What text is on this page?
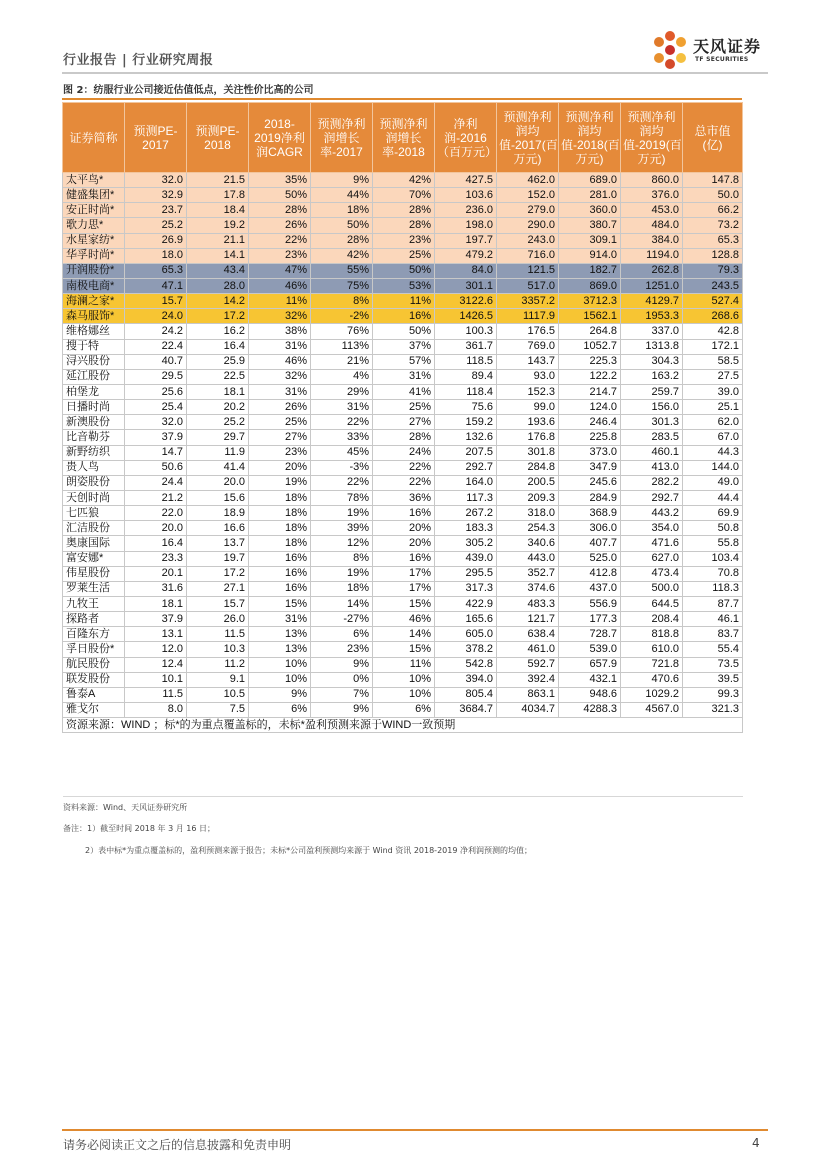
行业报告 | 行业研究周报
天风证券
TF SECURITIES
图 2：纺服行业公司接近估值低点，关注性价比高的公司
证券简称	预测PE-2017	预测PE-2018	2018-2019净利润CAGR	预测净利润增长率-2017	预测净利润增长率-2018	净利润-2016（百万元）	预测净利润均值-2017(百万元)	预测净利润均值-2018(百万元)	预测净利润均值-2019(百万元)	总市值(亿)
太平鸟*	32.0	21.5	35%	9%	42%	427.5	462.0	689.0	860.0	147.8
健盛集团*	32.9	17.8	50%	44%	70%	103.6	152.0	281.0	376.0	50.0
安正时尚*	23.7	18.4	28%	18%	28%	236.0	279.0	360.0	453.0	66.2
歌力思*	25.2	19.2	26%	50%	28%	198.0	290.0	380.7	484.0	73.2
水星家纺*	26.9	21.1	22%	28%	23%	197.7	243.0	309.1	384.0	65.3
华孚时尚*	18.0	14.1	23%	42%	25%	479.2	716.0	914.0	1194.0	128.8
开润股份*	65.3	43.4	47%	55%	50%	84.0	121.5	182.7	262.8	79.3
南极电商*	47.1	28.0	46%	75%	53%	301.1	517.0	869.0	1251.0	243.5
海澜之家*	15.7	14.2	11%	8%	11%	3122.6	3357.2	3712.3	4129.7	527.4
森马服饰*	24.0	17.2	32%	-2%	16%	1426.5	1117.9	1562.1	1953.3	268.6
维格娜丝	24.2	16.2	38%	76%	50%	100.3	176.5	264.8	337.0	42.8
搜于特	22.4	16.4	31%	113%	37%	361.7	769.0	1052.7	1313.8	172.1
浔兴股份	40.7	25.9	46%	21%	57%	118.5	143.7	225.3	304.3	58.5
延江股份	29.5	22.5	32%	4%	31%	89.4	93.0	122.2	163.2	27.5
柏堡龙	25.6	18.1	31%	29%	41%	118.4	152.3	214.7	259.7	39.0
日播时尚	25.4	20.2	26%	31%	25%	75.6	99.0	124.0	156.0	25.1
新澳股份	32.0	25.2	25%	22%	27%	159.2	193.6	246.4	301.3	62.0
比音勒芬	37.9	29.7	27%	33%	28%	132.6	176.8	225.8	283.5	67.0
新野纺织	14.7	11.9	23%	45%	24%	207.5	301.8	373.0	460.1	44.3
贵人鸟	50.6	41.4	20%	-3%	22%	292.7	284.8	347.9	413.0	144.0
朗姿股份	24.4	20.0	19%	22%	22%	164.0	200.5	245.6	282.2	49.0
天创时尚	21.2	15.6	18%	78%	36%	117.3	209.3	284.9	292.7	44.4
七匹狼	22.0	18.9	18%	19%	16%	267.2	318.0	368.9	443.2	69.9
汇洁股份	20.0	16.6	18%	39%	20%	183.3	254.3	306.0	354.0	50.8
奥康国际	16.4	13.7	18%	12%	20%	305.2	340.6	407.7	471.6	55.8
富安娜*	23.3	19.7	16%	8%	16%	439.0	443.0	525.0	627.0	103.4
伟星股份	20.1	17.2	16%	19%	17%	295.5	352.7	412.8	473.4	70.8
罗莱生活	31.6	27.1	16%	18%	17%	317.3	374.6	437.0	500.0	118.3
九牧王	18.1	15.7	15%	14%	15%	422.9	483.3	556.9	644.5	87.7
探路者	37.9	26.0	31%	-27%	46%	165.6	121.7	177.3	208.4	46.1
百隆东方	13.1	11.5	13%	6%	14%	605.0	638.4	728.7	818.8	83.7
孚日股份*	12.0	10.3	13%	23%	15%	378.2	461.0	539.0	610.0	55.4
航民股份	12.4	11.2	10%	9%	11%	542.8	592.7	657.9	721.8	73.5
联发股份	10.1	9.1	10%	0%	10%	394.0	392.4	432.1	470.6	39.5
鲁泰A	11.5	10.5	9%	7%	10%	805.4	863.1	948.6	1029.2	99.3
雅戈尔	8.0	7.5	6%	9%	6%	3684.7	4034.7	4288.3	4567.0	321.3
资源来源：WIND ；标*的为重点覆盖标的，未标*盈利预测来源于WIND一致预期										
资料来源：Wind、天风证券研究所
备注：1）截至时间 2018 年 3 月 16 日；
2）表中标*为重点覆盖标的，盈利预测来源于报告；未标*公司盈利预测均来源于 Wind 资讯 2018-2019 净利润预测的均值；
请务必阅读正文之后的信息披露和免责申明	4
